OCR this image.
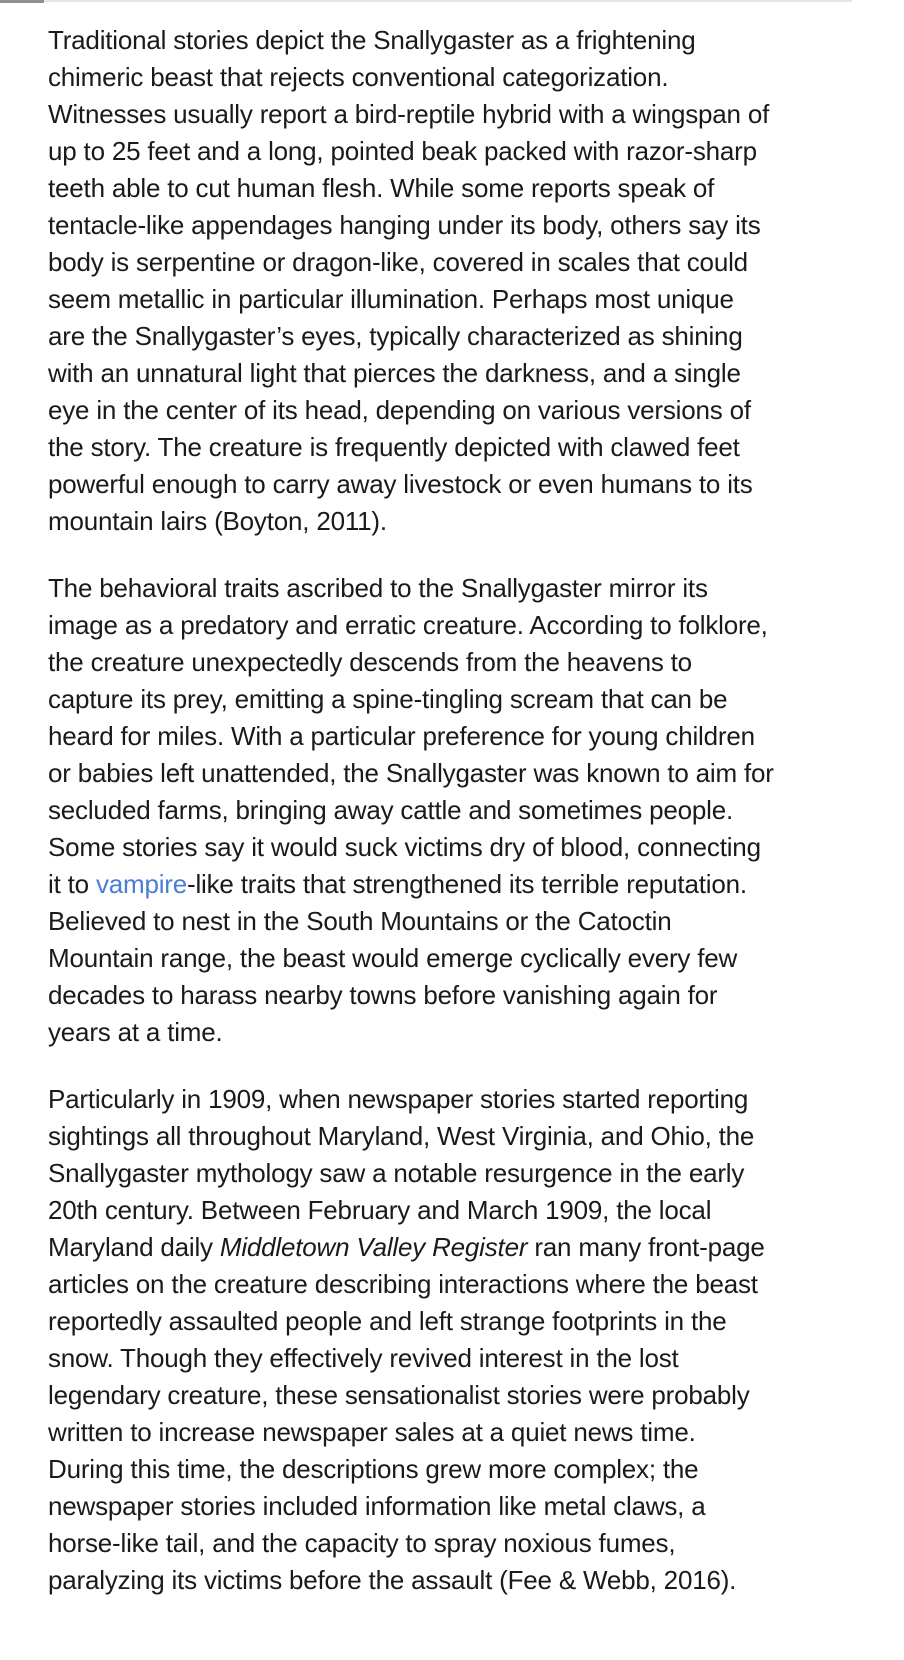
Traditional stories depict the Snallygaster as a frightening chimeric beast that rejects conventional categorization. Witnesses usually report a bird-reptile hybrid with a wingspan of up to 25 feet and a long, pointed beak packed with razor-sharp teeth able to cut human flesh. While some reports speak of tentacle-like appendages hanging under its body, others say its body is serpentine or dragon-like, covered in scales that could seem metallic in particular illumination. Perhaps most unique are the Snallygaster’s eyes, typically characterized as shining with an unnatural light that pierces the darkness, and a single eye in the center of its head, depending on various versions of the story. The creature is frequently depicted with clawed feet powerful enough to carry away livestock or even humans to its mountain lairs (Boyton, 2011).

The behavioral traits ascribed to the Snallygaster mirror its image as a predatory and erratic creature. According to folklore, the creature unexpectedly descends from the heavens to capture its prey, emitting a spine-tingling scream that can be heard for miles. With a particular preference for young children or babies left unattended, the Snallygaster was known to aim for secluded farms, bringing away cattle and sometimes people. Some stories say it would suck victims dry of blood, connecting it to vampire-like traits that strengthened its terrible reputation. Believed to nest in the South Mountains or the Catoctin Mountain range, the beast would emerge cyclically every few decades to harass nearby towns before vanishing again for years at a time.

Particularly in 1909, when newspaper stories started reporting sightings all throughout Maryland, West Virginia, and Ohio, the Snallygaster mythology saw a notable resurgence in the early 20th century. Between February and March 1909, the local Maryland daily Middletown Valley Register ran many front-page articles on the creature describing interactions where the beast reportedly assaulted people and left strange footprints in the snow. Though they effectively revived interest in the lost legendary creature, these sensationalist stories were probably written to increase newspaper sales at a quiet news time. During this time, the descriptions grew more complex; the newspaper stories included information like metal claws, a horse-like tail, and the capacity to spray noxious fumes, paralyzing its victims before the assault (Fee & Webb, 2016).
